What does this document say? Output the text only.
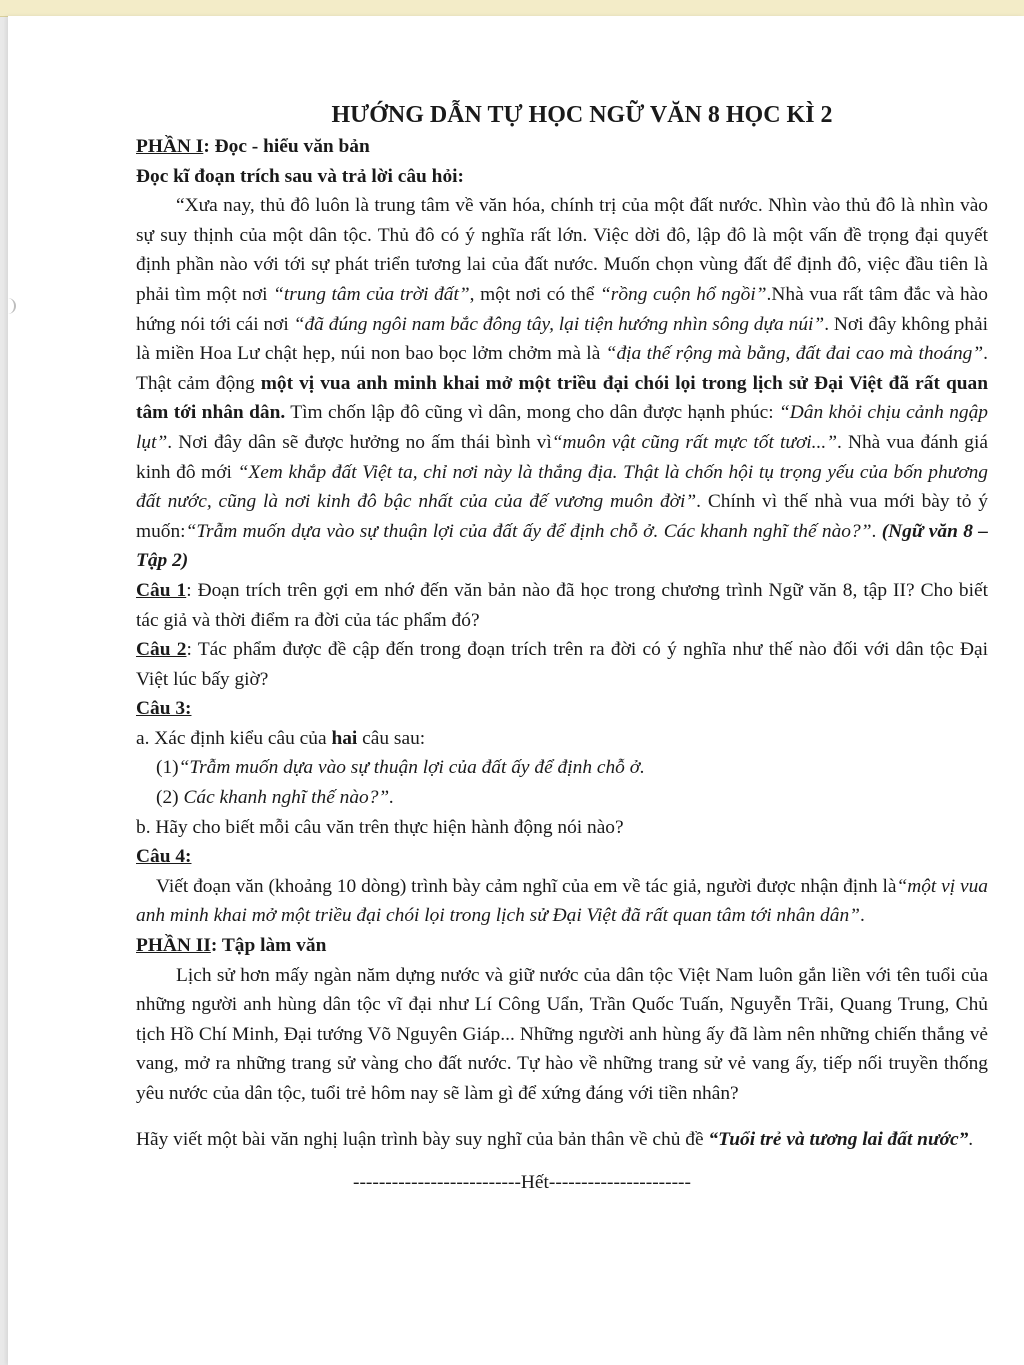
HƯỚNG DẪN TỰ HỌC NGỮ VĂN 8 HỌC KÌ 2

PHẦN I: Đọc - hiểu văn bản

Đọc kĩ đoạn trích sau và trả lời câu hỏi:

“Xưa nay, thủ đô luôn là trung tâm về văn hóa, chính trị của một đất nước. Nhìn vào thủ đô là nhìn vào sự suy thịnh của một dân tộc. Thủ đô có ý nghĩa rất lớn. Việc dời đô, lập đô là một vấn đề trọng đại quyết định phần nào với tới sự phát triển tương lai của đất nước. Muốn chọn vùng đất để định đô, việc đầu tiên là phải tìm một nơi “trung tâm của trời đất”, một nơi có thể “rồng cuộn hổ ngồi”.Nhà vua rất tâm đắc và hào hứng nói tới cái nơi “đã đúng ngôi nam bắc đông tây, lại tiện hướng nhìn sông dựa núi”. Nơi đây không phải là miền Hoa Lư chật hẹp, núi non bao bọc lởm chởm mà là “địa thế rộng mà bằng, đất đai cao mà thoáng”. Thật cảm động một vị vua anh minh khai mở một triều đại chói lọi trong lịch sử Đại Việt đã rất quan tâm tới nhân dân. Tìm chốn lập đô cũng vì dân, mong cho dân được hạnh phúc: “Dân khỏi chịu cảnh ngập lụt”. Nơi đây dân sẽ được hưởng no ấm thái bình vì“muôn vật cũng rất mực tốt tươi...”. Nhà vua đánh giá kinh đô mới “Xem khắp đất Việt ta, chỉ nơi này là thắng địa. Thật là chốn hội tụ trọng yếu của bốn phương đất nước, cũng là nơi kinh đô bậc nhất của của đế vương muôn đời”. Chính vì thế nhà vua mới bày tỏ ý muốn:“Trẫm muốn dựa vào sự thuận lợi của đất ấy để định chỗ ở. Các khanh nghĩ thế nào?”. (Ngữ văn 8 – Tập 2)

Câu 1: Đoạn trích trên gợi em nhớ đến văn bản nào đã học trong chương trình Ngữ văn 8, tập II? Cho biết tác giả và thời điểm ra đời của tác phẩm đó?

Câu 2: Tác phẩm được đề cập đến trong đoạn trích trên ra đời có ý nghĩa như thế nào đối với dân tộc Đại Việt lúc bấy giờ?

Câu 3:

a. Xác định kiểu câu của hai câu sau:

(1)“Trẫm muốn dựa vào sự thuận lợi của đất ấy để định chỗ ở.

(2) Các khanh nghĩ thế nào?”.

b. Hãy cho biết mỗi câu văn trên thực hiện hành động nói nào?

Câu 4:

Viết đoạn văn (khoảng 10 dòng) trình bày cảm nghĩ của em về tác giả, người được nhận định là“một vị vua anh minh khai mở một triều đại chói lọi trong lịch sử Đại Việt đã rất quan tâm tới nhân dân”.

PHẦN II: Tập làm văn

Lịch sử hơn mấy ngàn năm dựng nước và giữ nước của dân tộc Việt Nam luôn gắn liền với tên tuổi của những người anh hùng dân tộc vĩ đại như Lí Công Uẩn, Trần Quốc Tuấn, Nguyễn Trãi, Quang Trung, Chủ tịch Hồ Chí Minh, Đại tướng Võ Nguyên Giáp... Những người anh hùng ấy đã làm nên những chiến thắng vẻ vang, mở ra những trang sử vàng cho đất nước. Tự hào về những trang sử vẻ vang ấy, tiếp nối truyền thống yêu nước của dân tộc, tuổi trẻ hôm nay sẽ làm gì để xứng đáng với tiền nhân?

Hãy viết một bài văn nghị luận trình bày suy nghĩ của bản thân về chủ đề “Tuổi trẻ và tương lai đất nước”.

--------------------------Hết----------------------
